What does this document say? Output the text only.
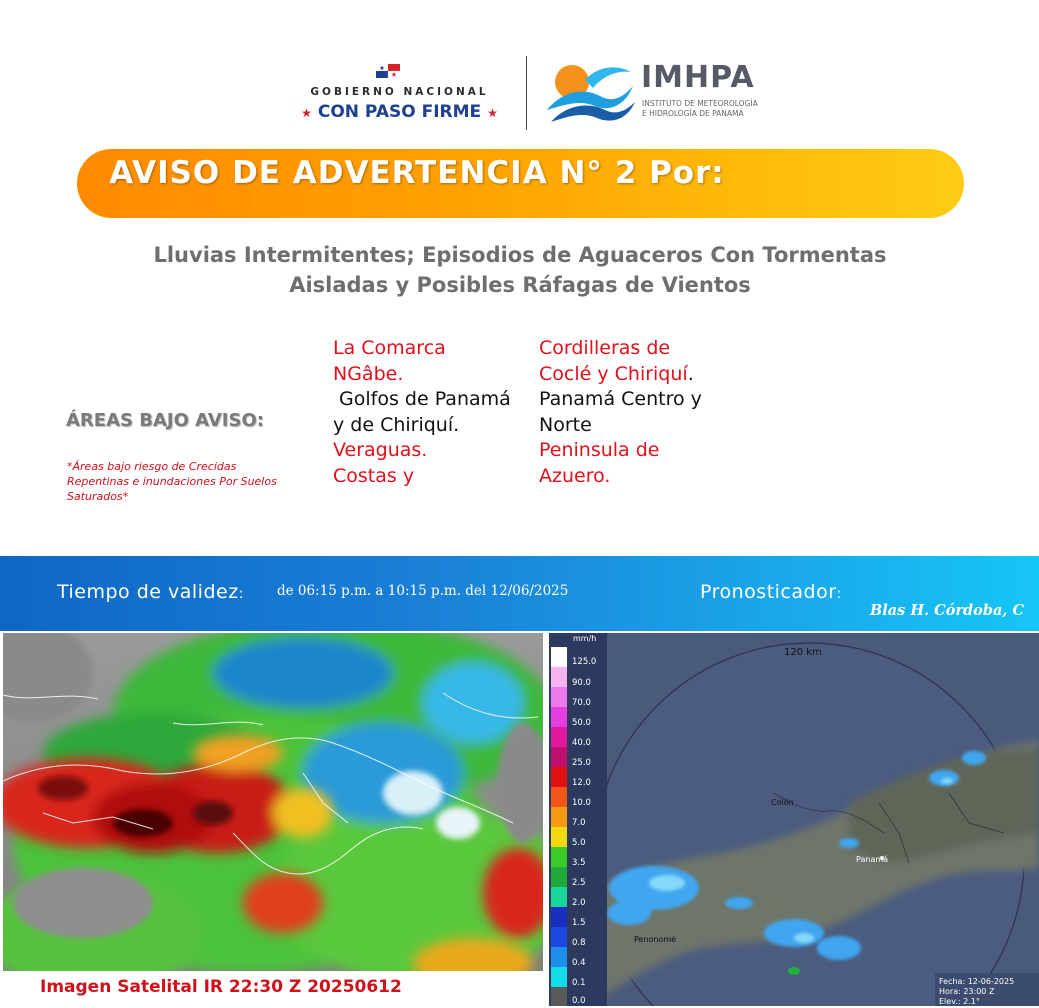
GOBIERNO NACIONAL
★ CON PASO FIRME ★
IMHPA
INSTITUTO DE METEOROLOGÍA
E HIDROLOGÍA DE PANAMÁ
AVISO DE ADVERTENCIA N° 2 Por:
Lluvias Intermitentes; Episodios de Aguaceros Con Tormentas
Aisladas y Posibles Ráfagas de Vientos
ÁREAS BAJO AVISO:
*Áreas bajo riesgo de Crecidas Repentinas e inundaciones Por Suelos Saturados*
La Comarca
NGâbe.
Golfos de Panamá
y de Chiriquí.
Veraguas.
Costas y
Cordilleras de
Coclé y Chiriquí.
Panamá Centro y
Norte
Peninsula de
Azuero.
Tiempo de validez: de 06:15 p.m. a 10:15 p.m. del 12/06/2025	Pronosticador:
Blas H. Córdoba, C
Imagen Satelital IR 22:30 Z 20250612
120 km
Colón
Panamá
Penonomé
mm/h
125.0
90.0
70.0
50.0
40.0
25.0
12.0
10.0
7.0
5.0
3.5
2.5
2.0
1.5
0.8
0.4
0.1
0.0
Fecha: 12-06-2025
Hora: 23:00 Z
Elev.: 2.1°
